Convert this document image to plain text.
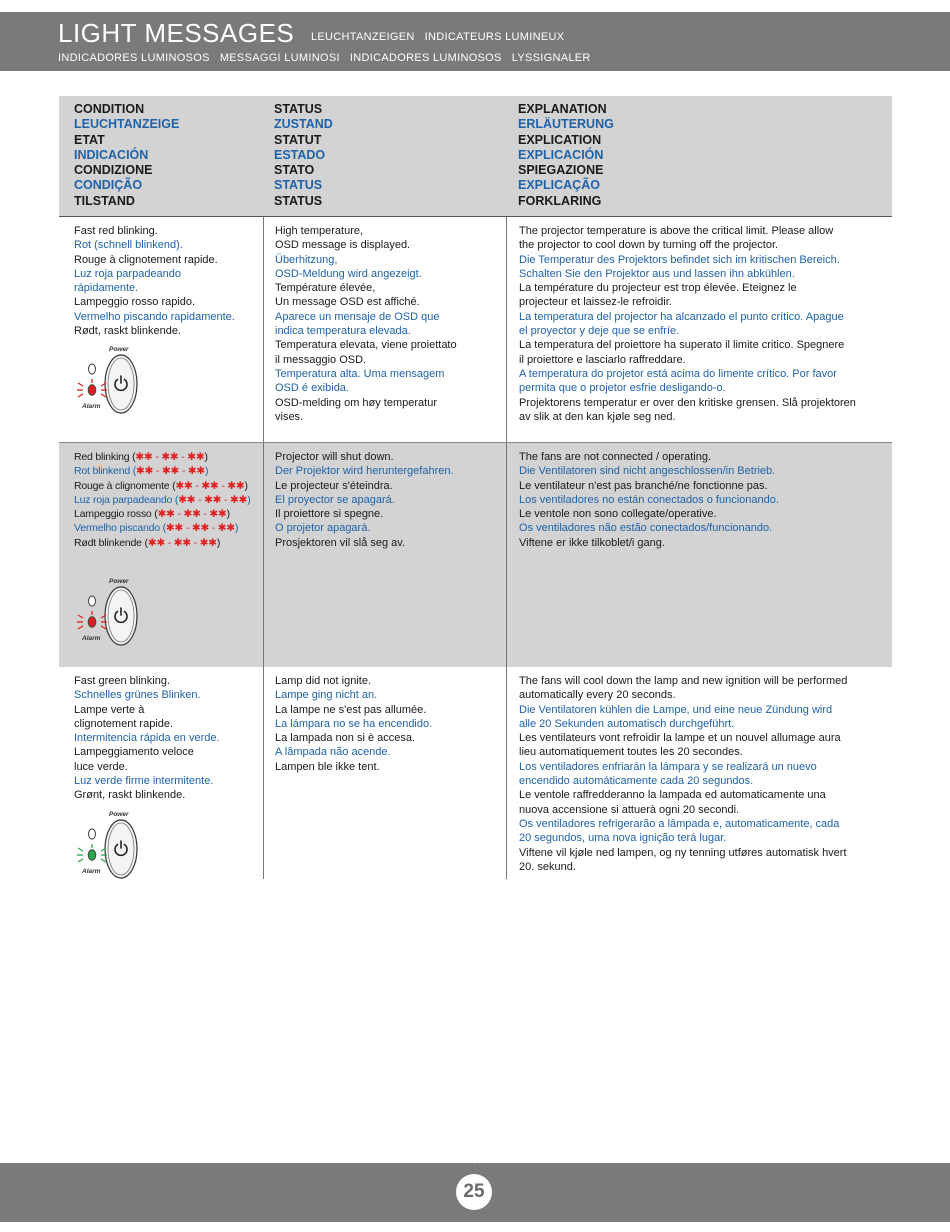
LIGHT MESSAGES LEUCHTANZEIGEN   INDICATEURS LUMINEUX
INDICADORES LUMINOSOS   MESSAGGI LUMINOSI   INDICADORES LUMINOSOS   LYSSIGNALER
CONDITION
LEUCHTANZEIGE
ETAT
INDICACIÓN
CONDIZIONE
CONDIÇÃO
TILSTAND
STATUS
ZUSTAND
STATUT
ESTADO
STATO
STATUS
STATUS
EXPLANATION
ERLÄUTERUNG
EXPLICATION
EXPLICACIÓN
SPIEGAZIONE
EXPLICAÇÃO
FORKLARING
Fast red blinking.
Rot (schnell blinkend).
Rouge à clignotement rapide.
Luz roja parpadeando
rápidamente.
Lampeggio rosso rapido.
Vermelho piscando rapidamente.
Rødt, raskt blinkende.
Power
Alarm
High temperature,
OSD message is displayed.
Überhitzung,
OSD-Meldung wird angezeigt.
Température élevée,
Un message OSD est affiché.
Aparece un mensaje de OSD que
indica temperatura elevada.
Temperatura elevata, viene proiettato
il messaggio OSD.
Temperatura alta. Uma mensagem
OSD é exibida.
OSD-melding om høy temperatur
vises.
The projector temperature is above the critical limit. Please allow
the projector to cool down by turning off the projector.
Die Temperatur des Projektors befindet sich im kritischen Bereich.
Schalten Sie den Projektor aus und lassen ihn abkühlen.
La température du projecteur est trop élevée. Eteignez le
projecteur et laissez-le refroidir.
La temperatura del projector ha alcanzado el punto crítico. Apague
el proyector y deje que se enfríe.
La temperatura del proiettore ha superato il limite critico. Spegnere
il proiettore e lasciarlo raffreddare.
A temperatura do projetor está acima do limente crítico. Por favor
permita que o projetor esfrie desligando-o.
Projektorens temperatur er over den kritiske grensen. Slå projektoren
av slik at den kan kjøle seg ned.
Red blinking (✱✱ - ✱✱ - ✱✱)
Rot blinkend (✱✱ - ✱✱ - ✱✱)
Rouge à clignomente (✱✱ - ✱✱ - ✱✱)
Luz roja parpadeando (✱✱ - ✱✱ - ✱✱)
Lampeggio rosso (✱✱ - ✱✱ - ✱✱)
Vermelho piscando (✱✱ - ✱✱ - ✱✱)
Rødt blinkende (✱✱ - ✱✱ - ✱✱)
Power
Alarm
Projector will shut down.
Der Projektor wird heruntergefahren.
Le projecteur s'éteindra.
El proyector se apagará.
Il proiettore si spegne.
O projetor apagará.
Prosjektoren vil slå seg av.
The fans are not connected / operating.
Die Ventilatoren sind nicht angeschlossen/in Betrieb.
Le ventilateur n'est pas branché/ne fonctionne pas.
Los ventiladores no están conectados o funcionando.
Le ventole non sono collegate/operative.
Os ventiladores não estão conectados/funcionando.
Viftene er ikke tilkoblet/i gang.
Fast green blinking.
Schnelles grünes Blinken.
Lampe verte à
clignotement rapide.
Intermitencia rápida en verde.
Lampeggiamento veloce
luce verde.
Luz verde firme intermitente.
Grønt, raskt blinkende.
Power
Alarm
Lamp did not ignite.
Lampe ging nicht an.
La lampe ne s'est pas allumée.
La lámpara no se ha encendido.
La lampada non si è accesa.
A lâmpada não acende.
Lampen ble ikke tent.
The fans will cool down the lamp and new ignition will be performed
automatically every 20 seconds.
Die Ventilatoren kühlen die Lampe, und eine neue Zündung wird
alle 20 Sekunden automatisch durchgeführt.
Les ventilateurs vont refroidir la lampe et un nouvel allumage aura
lieu automatiquement toutes les 20 secondes.
Los ventiladores enfriarán la lámpara y se realizará un nuevo
encendido automáticamente cada 20 segundos.
Le ventole raffredderanno la lampada ed automaticamente una
nuova accensione si attuerà ogni 20 secondi.
Os ventiladores refrigerarão a lâmpada e, automaticamente, cada
20 segundos, uma nova ignição terá lugar.
Viftene vil kjøle ned lampen, og ny tenning utføres automatisk hvert
20. sekund.
25
